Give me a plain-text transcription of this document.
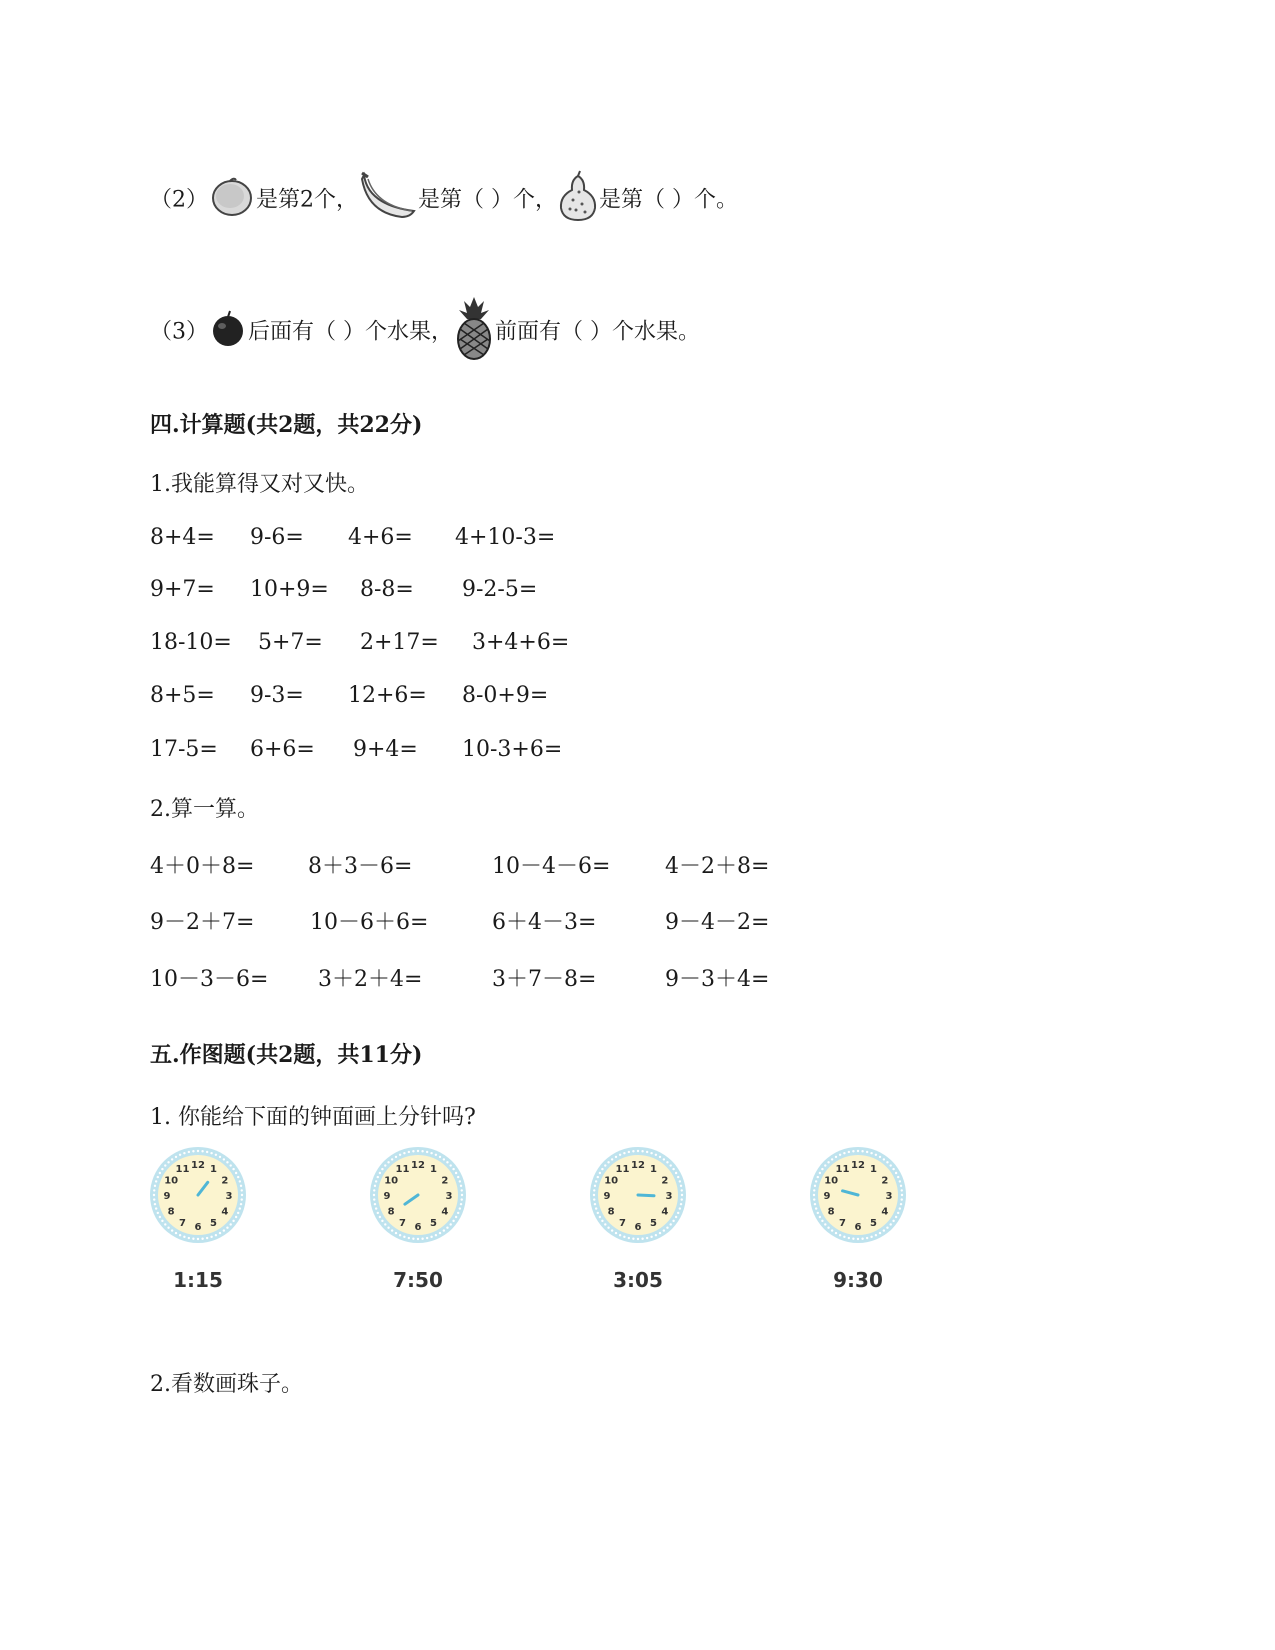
（2） 是第2个，	是第（ ）个， 是第（ ）个。
（3） 后面有（ ）个水果， 前面有（ ）个水果。
四.计算题(共2题，共22分)
1.我能算得又对又快。
8+4= 9-6= 4+6= 4+10-3=
9+7= 10+9= 8-8= 9-2-5=
18-10= 5+7= 2+17= 3+4+6=
8+5= 9-3= 12+6= 8-0+9=
17-5= 6+6= 9+4= 10-3+6=
2.算一算。
4＋0＋8= 8＋3－6=	10－4－6= 4－2＋8=
9－2＋7=	10－6＋6=	6＋4－3=	9－4－2=
10－3－6= 3＋2＋4=	3＋7－8=	9－3＋4=
五.作图题(共2题，共11分)
1. 你能给下面的钟面画上分针吗?
1
2
3
4
5
6
7
8
9
10
11 12
1:15
1
2
3
4
5
6
7
8
9
10
11 12
7:50
1
2
3
4
5
6
7
8
9
10
11 12
3:05
1
2
3
4
5
6
7
8
9
10
11 12
9:30
2.看数画珠子。
